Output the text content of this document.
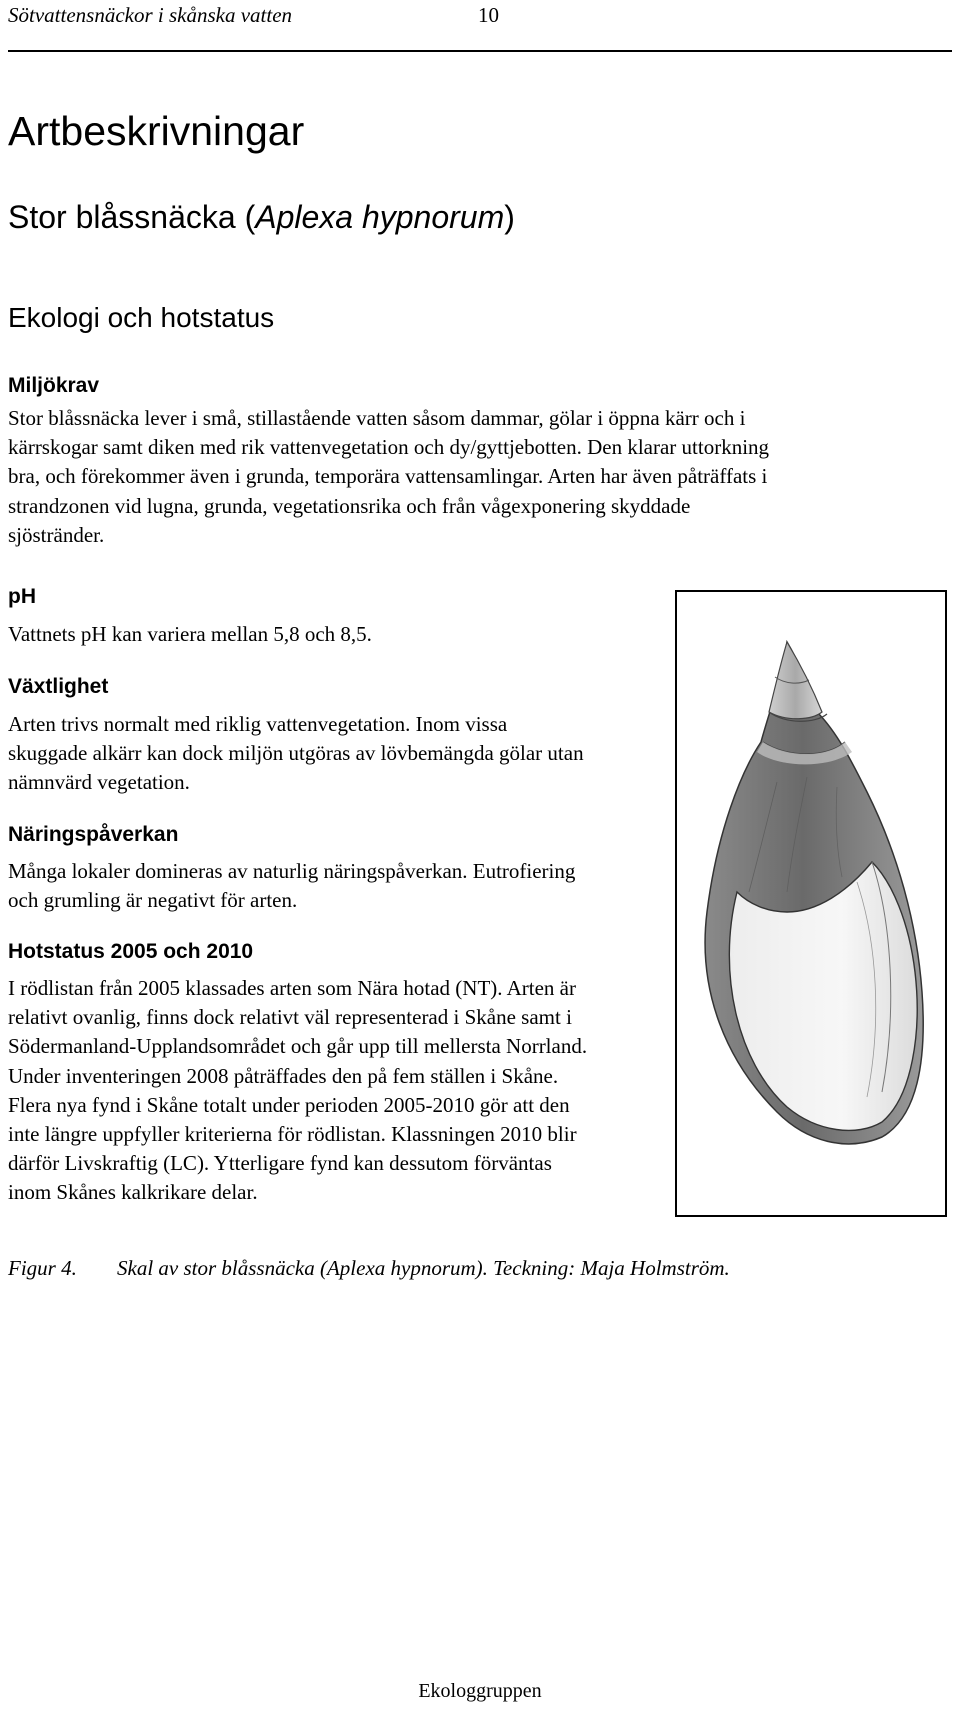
Sötvattensnäckor i skånska vatten	10
Artbeskrivningar
Stor blåssnäcka (Aplexa hypnorum)
Ekologi och hotstatus
Miljökrav
Stor blåssnäcka lever i små, stillastående vatten såsom dammar, gölar i öppna kärr och i
kärrskogar samt diken med rik vattenvegetation och dy/gyttjebotten. Den klarar uttorkning
bra, och förekommer även i grunda, temporära vattensamlingar. Arten har även påträffats i
strandzonen vid lugna, grunda, vegetationsrika och från vågexponering skyddade
sjöstränder.
pH
Vattnets pH kan variera mellan 5,8 och 8,5.
Växtlighet
Arten trivs normalt med riklig vattenvegetation. Inom vissa
skuggade alkärr kan dock miljön utgöras av lövbemängda gölar utan
nämnvärd vegetation.
Näringspåverkan
Många lokaler domineras av naturlig näringspåverkan. Eutrofiering
och grumling är negativt för arten.
Hotstatus 2005 och 2010
I rödlistan från 2005 klassades arten som Nära hotad (NT). Arten är
relativt ovanlig, finns dock relativt väl representerad i Skåne samt i
Södermanland-Upplandsområdet och går upp till mellersta Norrland.
Under inventeringen 2008 påträffades den på fem ställen i Skåne.
Flera nya fynd i Skåne totalt under perioden 2005-2010 gör att den
inte längre uppfyller kriterierna för rödlistan. Klassningen 2010 blir
därför Livskraftig (LC). Ytterligare fynd kan dessutom förväntas
inom Skånes kalkrikare delar.
Figur 4. Skal av stor blåssnäcka (Aplexa hypnorum). Teckning: Maja Holmström.
Ekologgruppen
